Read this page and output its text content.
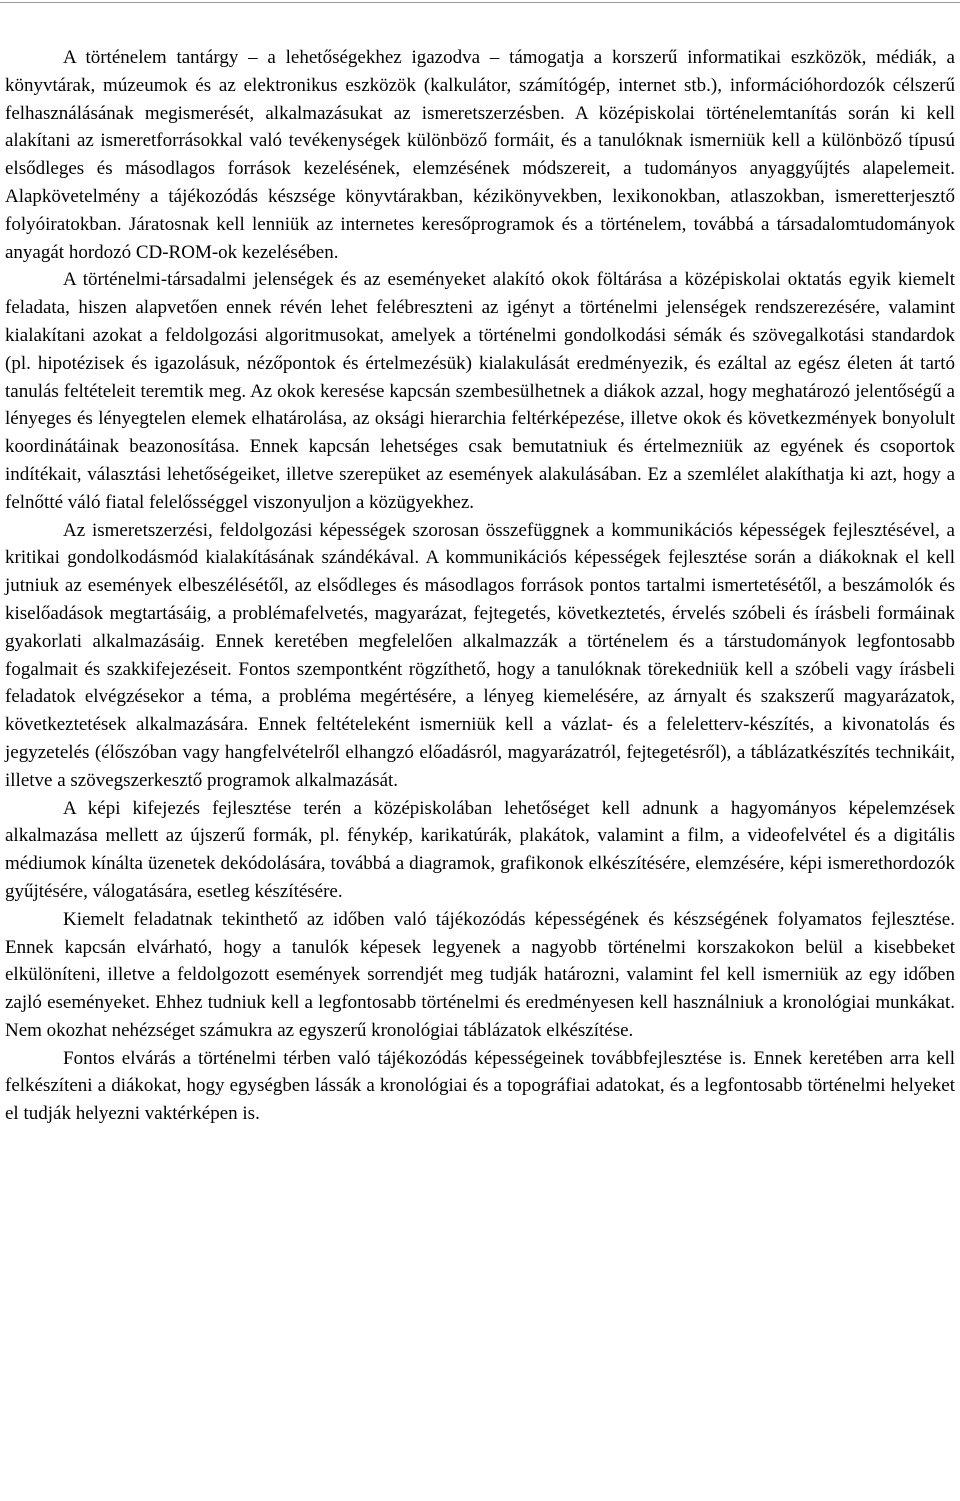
A történelem tantárgy – a lehetőségekhez igazodva – támogatja a korszerű informatikai eszközök, médiák, a könyvtárak, múzeumok és az elektronikus eszközök (kalkulátor, számítógép, internet stb.), információhordozók célszerű felhasználásának megismerését, alkalmazásukat az ismeretszerzésben. A középiskolai történelemtanítás során ki kell alakítani az ismeretforrásokkal való tevékenységek különböző formáit, és a tanulóknak ismerniük kell a különböző típusú elsődleges és másodlagos források kezelésének, elemzésének módszereit, a tudományos anyaggyűjtés alapelemeit. Alapkövetelmény a tájékozódás készsége könyvtárakban, kézikönyvekben, lexikonokban, atlaszokban, ismeretterjesztő folyóiratokban. Járatosnak kell lenniük az internetes keresőprogramok és a történelem, továbbá a társadalomtudományok anyagát hordozó CD-ROM-ok kezelésében.

A történelmi-társadalmi jelenségek és az eseményeket alakító okok föltárása a középiskolai oktatás egyik kiemelt feladata, hiszen alapvetően ennek révén lehet felébreszteni az igényt a történelmi jelenségek rendszerezésére, valamint kialakítani azokat a feldolgozási algoritmusokat, amelyek a történelmi gondolkodási sémák és szövegalkotási standardok (pl. hipotézisek és igazolásuk, nézőpontok és értelmezésük) kialakulását eredményezik, és ezáltal az egész életen át tartó tanulás feltételeit teremtik meg. Az okok keresése kapcsán szembesülhetnek a diákok azzal, hogy meghatározó jelentőségű a lényeges és lényegtelen elemek elhatárolása, az oksági hierarchia feltérképezése, illetve okok és következmények bonyolult koordinátáinak beazonosítása. Ennek kapcsán lehetséges csak bemutatniuk és értelmezniük az egyének és csoportok indítékait, választási lehetőségeiket, illetve szerepüket az események alakulásában. Ez a szemlélet alakíthatja ki azt, hogy a felnőtté váló fiatal felelősséggel viszonyuljon a közügyekhez.

Az ismeretszerzési, feldolgozási képességek szorosan összefüggnek a kommunikációs képességek fejlesztésével, a kritikai gondolkodásmód kialakításának szándékával. A kommunikációs képességek fejlesztése során a diákoknak el kell jutniuk az események elbeszélésétől, az elsődleges és másodlagos források pontos tartalmi ismertetésétől, a beszámolók és kiselőadások megtartásáig, a problémafelvetés, magyarázat, fejtegetés, következtetés, érvelés szóbeli és írásbeli formáinak gyakorlati alkalmazásáig. Ennek keretében megfelelően alkalmazzák a történelem és a társtudományok legfontosabb fogalmait és szakkifejezéseit. Fontos szempontként rögzíthető, hogy a tanulóknak törekedniük kell a szóbeli vagy írásbeli feladatok elvégzésekor a téma, a probléma megértésére, a lényeg kiemelésére, az árnyalt és szakszerű magyarázatok, következtetések alkalmazására. Ennek feltételeként ismerniük kell a vázlat- és a feleletterv-készítés, a kivonatolás és jegyzetelés (élőszóban vagy hangfelvételről elhangzó előadásról, magyarázatról, fejtegetésről), a táblázatkészítés technikáit, illetve a szövegszerkesztő programok alkalmazását.

A képi kifejezés fejlesztése terén a középiskolában lehetőséget kell adnunk a hagyományos képelemzések alkalmazása mellett az újszerű formák, pl. fénykép, karikatúrák, plakátok, valamint a film, a videofelvétel és a digitális médiumok kínálta üzenetek dekódolására, továbbá a diagramok, grafikonok elkészítésére, elemzésére, képi ismerethordozók gyűjtésére, válogatására, esetleg készítésére.

Kiemelt feladatnak tekinthető az időben való tájékozódás képességének és készségének folyamatos fejlesztése. Ennek kapcsán elvárható, hogy a tanulók képesek legyenek a nagyobb történelmi korszakokon belül a kisebbeket elkülöníteni, illetve a feldolgozott események sorrendjét meg tudják határozni, valamint fel kell ismerniük az egy időben zajló eseményeket. Ehhez tudniuk kell a legfontosabb történelmi és eredményesen kell használniuk a kronológiai munkákat. Nem okozhat nehézséget számukra az egyszerű kronológiai táblázatok elkészítése.

Fontos elvárás a történelmi térben való tájékozódás képességeinek továbbfejlesztése is. Ennek keretében arra kell felkészíteni a diákokat, hogy egységben lássák a kronológiai és a topográfiai adatokat, és a legfontosabb történelmi helyeket el tudják helyezni vaktérképen is.
